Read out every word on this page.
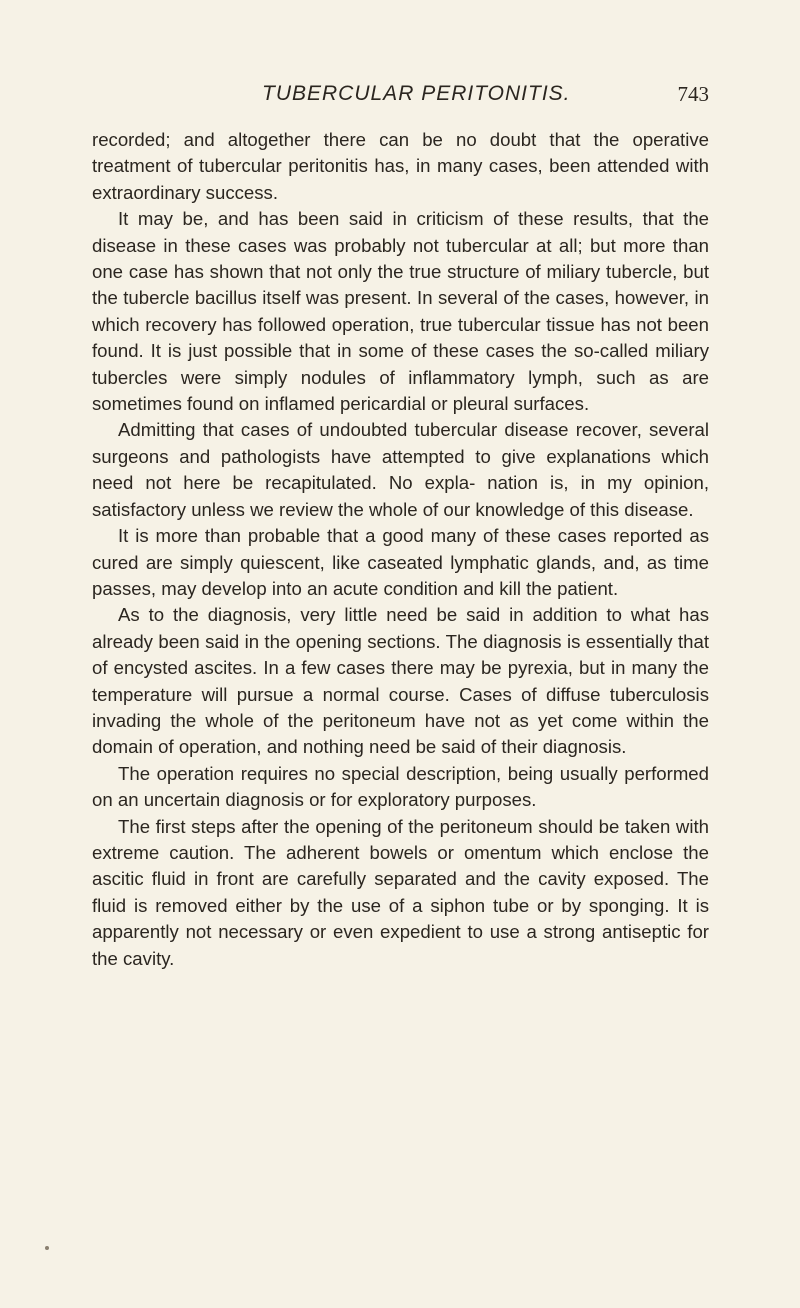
TUBERCULAR PERITONITIS.	743

recorded; and altogether there can be no doubt that the operative treatment of tubercular peritonitis has, in many cases, been attended with extraordinary success.

It may be, and has been said in criticism of these results, that the disease in these cases was probably not tubercular at all; but more than one case has shown that not only the true structure of miliary tubercle, but the tubercle bacillus itself was present. In several of the cases, however, in which recovery has followed operation, true tubercular tissue has not been found. It is just possible that in some of these cases the so-called miliary tubercles were simply nodules of inflammatory lymph, such as are sometimes found on inflamed pericardial or pleural surfaces.

Admitting that cases of undoubted tubercular disease recover, several surgeons and pathologists have attempted to give explanations which need not here be recapitulated. No expla- nation is, in my opinion, satisfactory unless we review the whole of our knowledge of this disease.

It is more than probable that a good many of these cases reported as cured are simply quiescent, like caseated lymphatic glands, and, as time passes, may develop into an acute condition and kill the patient.

As to the diagnosis, very little need be said in addition to what has already been said in the opening sections. The diagnosis is essentially that of encysted ascites. In a few cases there may be pyrexia, but in many the temperature will pursue a normal course. Cases of diffuse tuberculosis invading the whole of the peritoneum have not as yet come within the domain of operation, and nothing need be said of their diagnosis.

The operation requires no special description, being usually performed on an uncertain diagnosis or for exploratory purposes.

The first steps after the opening of the peritoneum should be taken with extreme caution. The adherent bowels or omentum which enclose the ascitic fluid in front are carefully separated and the cavity exposed. The fluid is removed either by the use of a siphon tube or by sponging. It is apparently not necessary or even expedient to use a strong antiseptic for the cavity.
